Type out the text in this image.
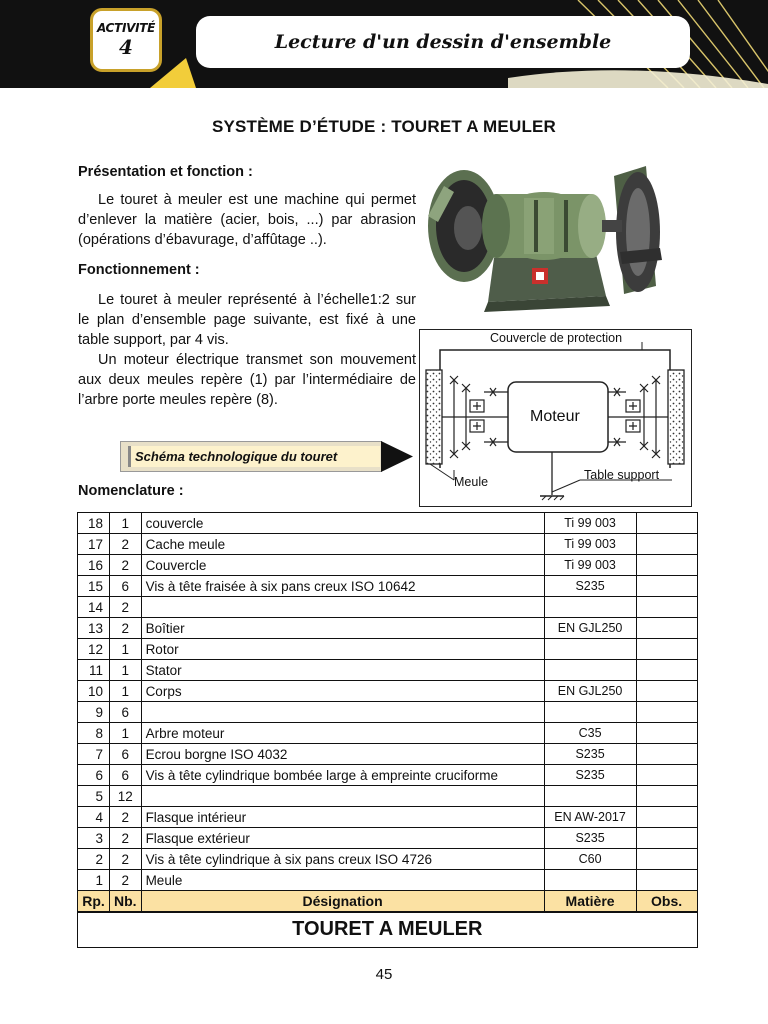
ACTIVITÉ
4	Lecture d'un dessin d'ensemble
SYSTÈME D’ÉTUDE : TOURET A MEULER
Présentation et fonction :
Le touret à meuler est une machine qui permet d’enlever la matière (acier, bois, ...) par abrasion (opérations d’ébavurage, d’affûtage ..).
Fonctionnement :
Le touret à meuler représenté à l’échelle1:2 sur le plan d’ensemble page suivante, est fixé à une table support, par 4 vis.
Un moteur électrique transmet son mouvement aux deux meules repère (1) par l’intermédiaire de l’arbre porte meules repère (8).
Couvercle de protection
Moteur
Meule	Table support
Schéma technologique du touret
Nomenclature :
18	1	couvercle	Ti 99 003	
17	2	Cache meule	Ti 99 003	
16	2	Couvercle	Ti 99 003	
15	6	Vis à tête fraisée à six pans creux ISO 10642	S235	
14	2			
13	2	Boîtier	EN GJL250	
12	1	Rotor		
11	1	Stator		
10	1	Corps	EN GJL250	
9	6			
8	1	Arbre moteur	C35	
7	6	Ecrou borgne ISO 4032	S235	
6	6	Vis à tête cylindrique bombée large à empreinte cruciforme	S235	
5	12			
4	2	Flasque intérieur	EN AW-2017	
3	2	Flasque extérieur	S235	
2	2	Vis à tête cylindrique à six pans creux ISO 4726	C60	
1	2	Meule		
Rp.	Nb.	Désignation	Matière	Obs.
TOURET A MEULER				
45
